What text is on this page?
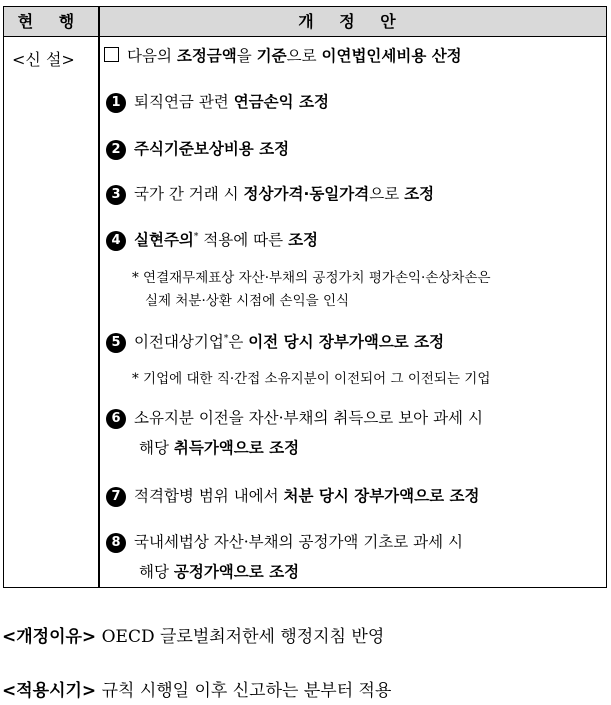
현 행	개 정 안
<신 설>	다음의 조정금액을 기준으로 이연법인세비용 산정
1 퇴직연금 관련 연금손익 조정
2 주식기준보상비용 조정
3 국가 간 거래 시 정상가격·동일가격으로 조정
4 실현주의* 적용에 따른 조정
* 연결재무제표상 자산·부채의 공정가치 평가손익·손상차손은
실제 처분·상환 시점에 손익을 인식
5 이전대상기업*은 이전 당시 장부가액으로 조정
* 기업에 대한 직·간접 소유지분이 이전되어 그 이전되는 기업
6 소유지분 이전을 자산·부채의 취득으로 보아 과세 시
해당 취득가액으로 조정
7 적격합병 범위 내에서 처분 당시 장부가액으로 조정
8 국내세법상 자산·부채의 공정가액 기초로 과세 시
해당 공정가액으로 조정
<개정이유> OECD 글로벌최저한세 행정지침 반영
<적용시기> 규칙 시행일 이후 신고하는 분부터 적용
